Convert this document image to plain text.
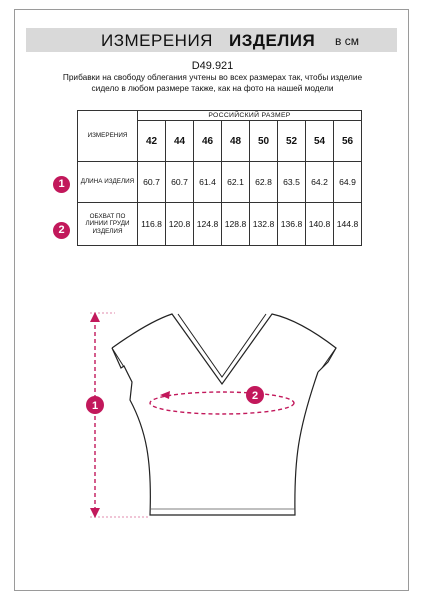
ИЗМЕРЕНИЯ ИЗДЕЛИЯ в см
D49.921
Прибавки на свободу облегания учтены во всех размерах так, чтобы изделие сидело в любом размере также, как на фото на нашей модели
ИЗМЕРЕНИЯ	РОССИЙСКИЙ РАЗМЕР							
	42	44	46	48	50	52	54	56
ДЛИНА ИЗДЕЛИЯ	60.7	60.7	61.4	62.1	62.8	63.5	64.2	64.9
ОБХВАТ ПО ЛИНИИ ГРУДИ ИЗДЕЛИЯ	116.8	120.8	124.8	128.8	132.8	136.8	140.8	144.8
1
2
1
2
